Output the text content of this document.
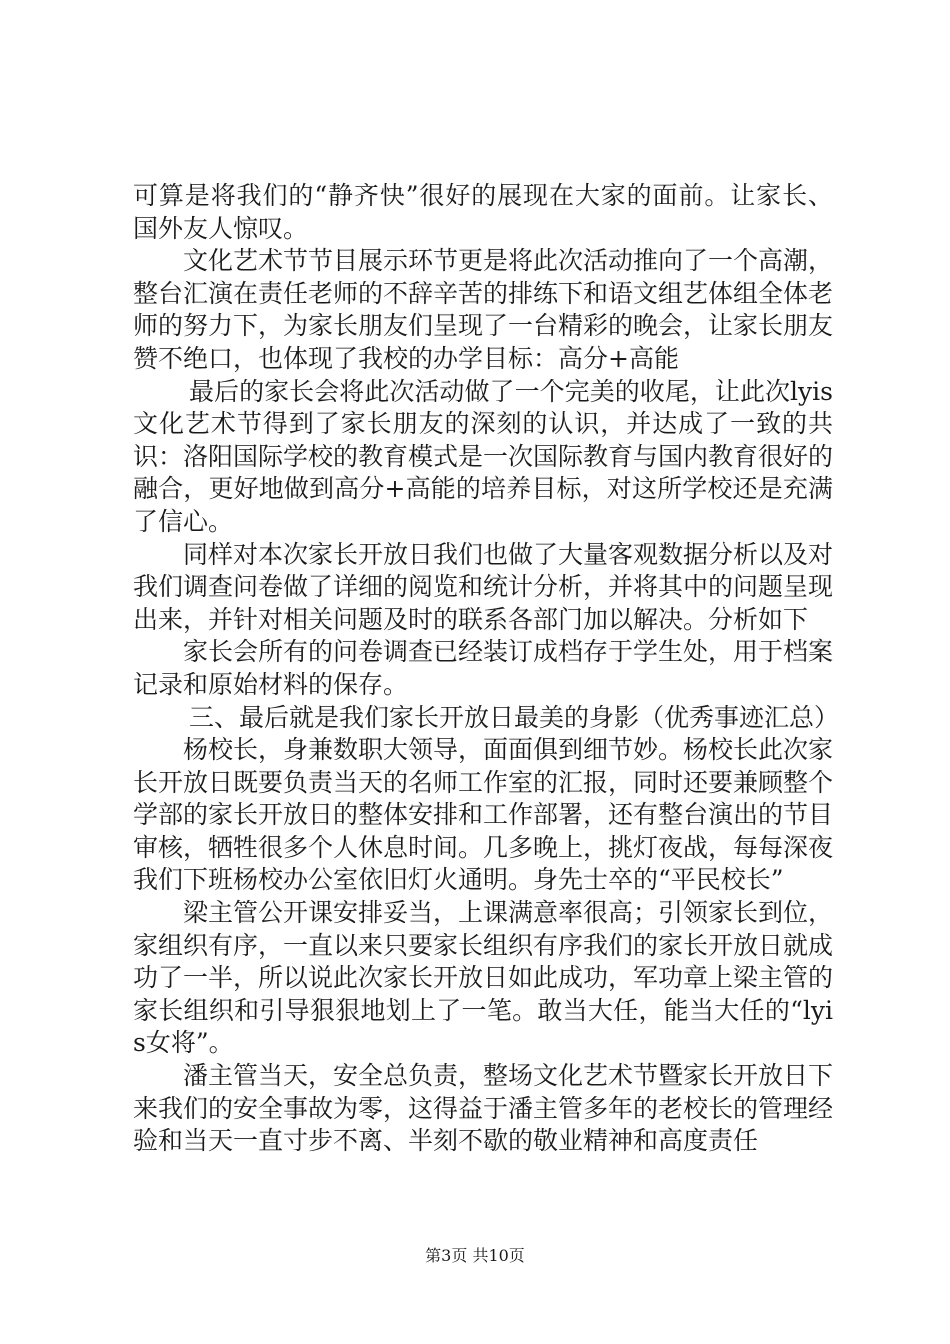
可算是将我们的“静齐快”很好的展现在大家的面前。让家长、国外友人惊叹。

文化艺术节节目展示环节更是将此次活动推向了一个高潮，整台汇演在责任老师的不辞辛苦的排练下和语文组艺体组全体老师的努力下，为家长朋友们呈现了一台精彩的晚会，让家长朋友赞不绝口，也体现了我校的办学目标：高分+高能

最后的家长会将此次活动做了一个完美的收尾，让此次lyis文化艺术节得到了家长朋友的深刻的认识，并达成了一致的共识：洛阳国际学校的教育模式是一次国际教育与国内教育很好的融合，更好地做到高分+高能的培养目标，对这所学校还是充满了信心。

同样对本次家长开放日我们也做了大量客观数据分析以及对我们调查问卷做了详细的阅览和统计分析，并将其中的问题呈现出来，并针对相关问题及时的联系各部门加以解决。分析如下

家长会所有的问卷调查已经装订成档存于学生处，用于档案记录和原始材料的保存。

三、最后就是我们家长开放日最美的身影（优秀事迹汇总）

杨校长，身兼数职大领导，面面俱到细节妙。杨校长此次家长开放日既要负责当天的名师工作室的汇报，同时还要兼顾整个学部的家长开放日的整体安排和工作部署，还有整台演出的节目审核，牺牲很多个人休息时间。几多晚上，挑灯夜战，每每深夜我们下班杨校办公室依旧灯火通明。身先士卒的“平民校长”

梁主管公开课安排妥当，上课满意率很高；引领家长到位，家组织有序，一直以来只要家长组织有序我们的家长开放日就成功了一半，所以说此次家长开放日如此成功，军功章上梁主管的家长组织和引导狠狠地划上了一笔。敢当大任，能当大任的“lyis女将”。

潘主管当天，安全总负责，整场文化艺术节暨家长开放日下来我们的安全事故为零，这得益于潘主管多年的老校长的管理经验和当天一直寸步不离、半刻不歇的敬业精神和高度责任

第3页 共10页
